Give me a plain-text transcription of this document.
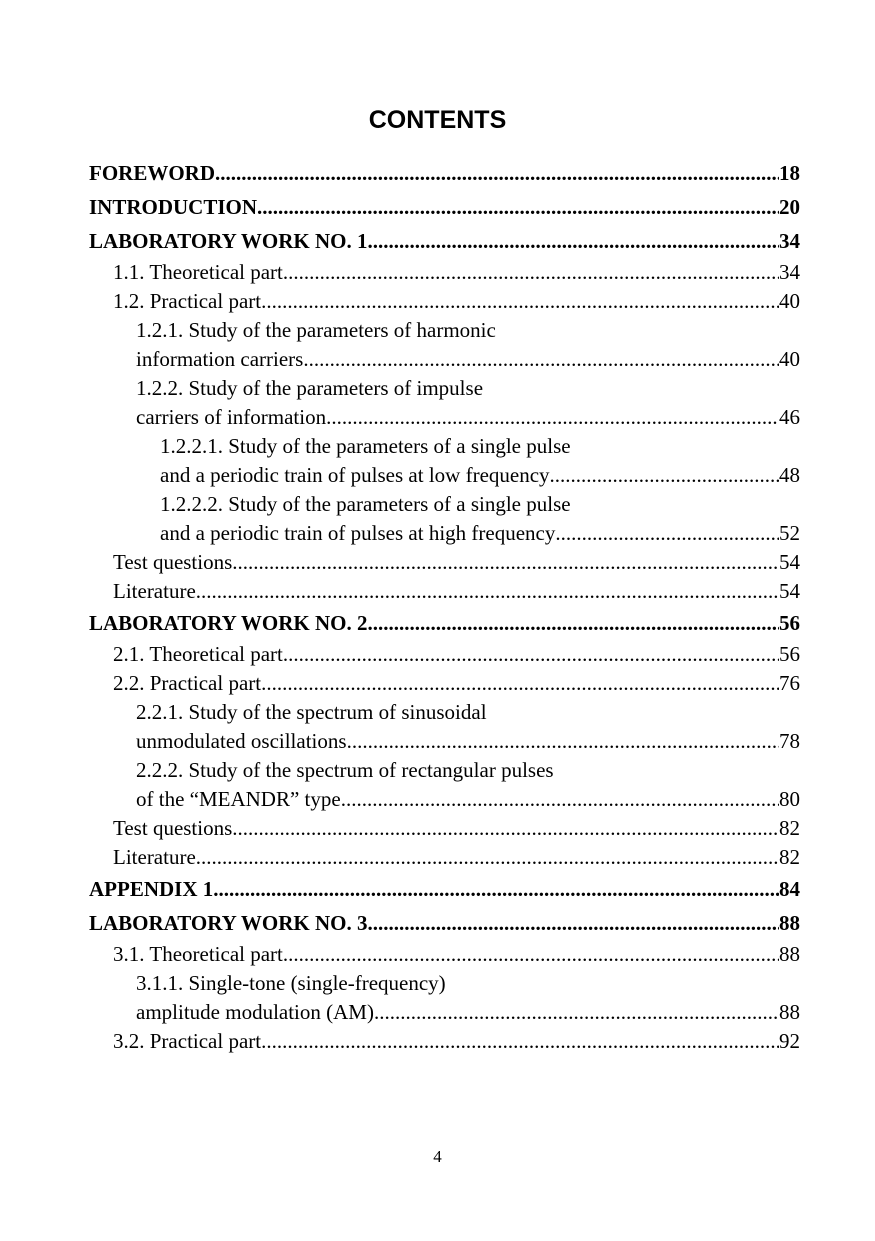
CONTENTS
FOREWORD .....	18
INTRODUCTION .....	20
LABORATORY WORK NO. 1 .....	34
1.1. Theoretical part .....	34
1.2. Practical part .....	40
1.2.1. Study of the parameters of harmonic
information carriers .....	40
1.2.2. Study of the parameters of impulse
carriers of information .....	46
1.2.2.1. Study of the parameters of a single pulse
and a periodic train of pulses at low frequency .....	48
1.2.2.2. Study of the parameters of a single pulse
and a periodic train of pulses at high frequency .....	52
Test questions .....	54
Literature .....	54
LABORATORY WORK NO. 2 .....	56
2.1. Theoretical part .....	56
2.2. Practical part .....	76
2.2.1. Study of the spectrum of sinusoidal
unmodulated oscillations .....	78
2.2.2. Study of the spectrum of rectangular pulses
of the “MEANDR” type .....	80
Test questions .....	82
Literature .....	82
APPENDIX 1 .....	84
LABORATORY WORK NO. 3 .....	88
3.1. Theoretical part .....	88
3.1.1. Single-tone (single-frequency)
amplitude modulation (AM) .....	88
3.2. Practical part .....	92
4
